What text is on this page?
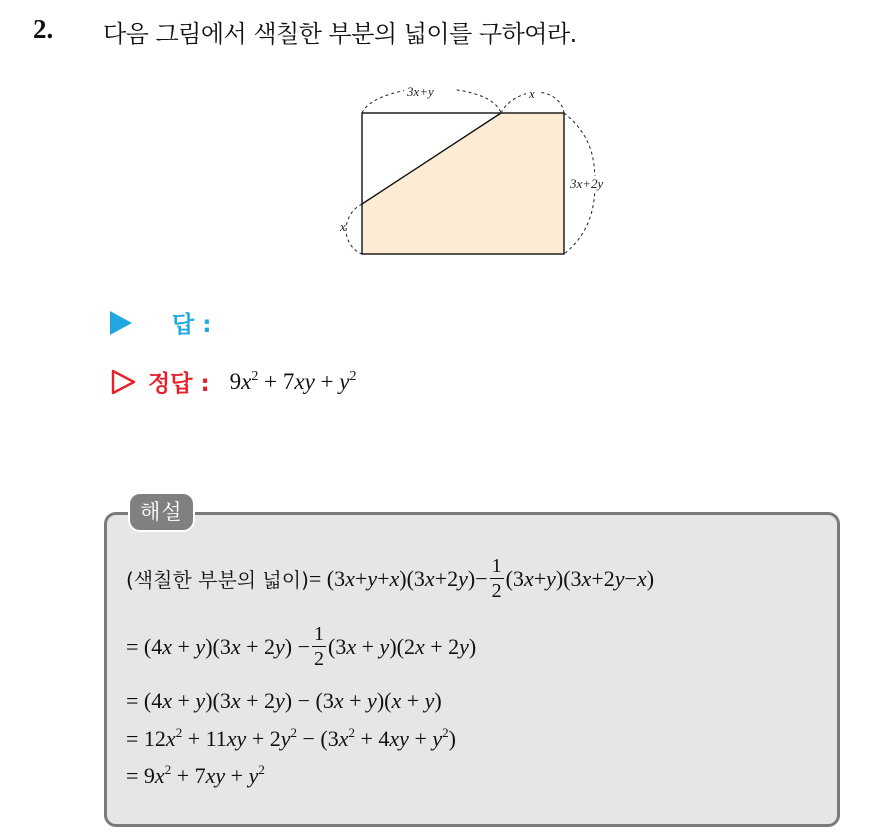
2. 다음 그림에서 색칠한 부분의 넓이를 구하여라.
3x+y	x
3x+2y
x
답 :
정답 : $9x^2 + 7xy + y^2$
해설
(색칠한 부분의 넓이) = $(3x+y+x)(3x+2y)- \frac{1}{2} (3x+y)(3x+2y-x)$
= $(4x + y)(3x + 2y) - \frac{1}{2} (3x + y)(2x + 2y)$
= (4x + y)(3x + 2y) − (3x + y)(x + y)
= $12x^2 + 11xy + 2y^2 - (3x^2 + 4xy + y^2)$
= $9x^2 + 7xy + y^2$
